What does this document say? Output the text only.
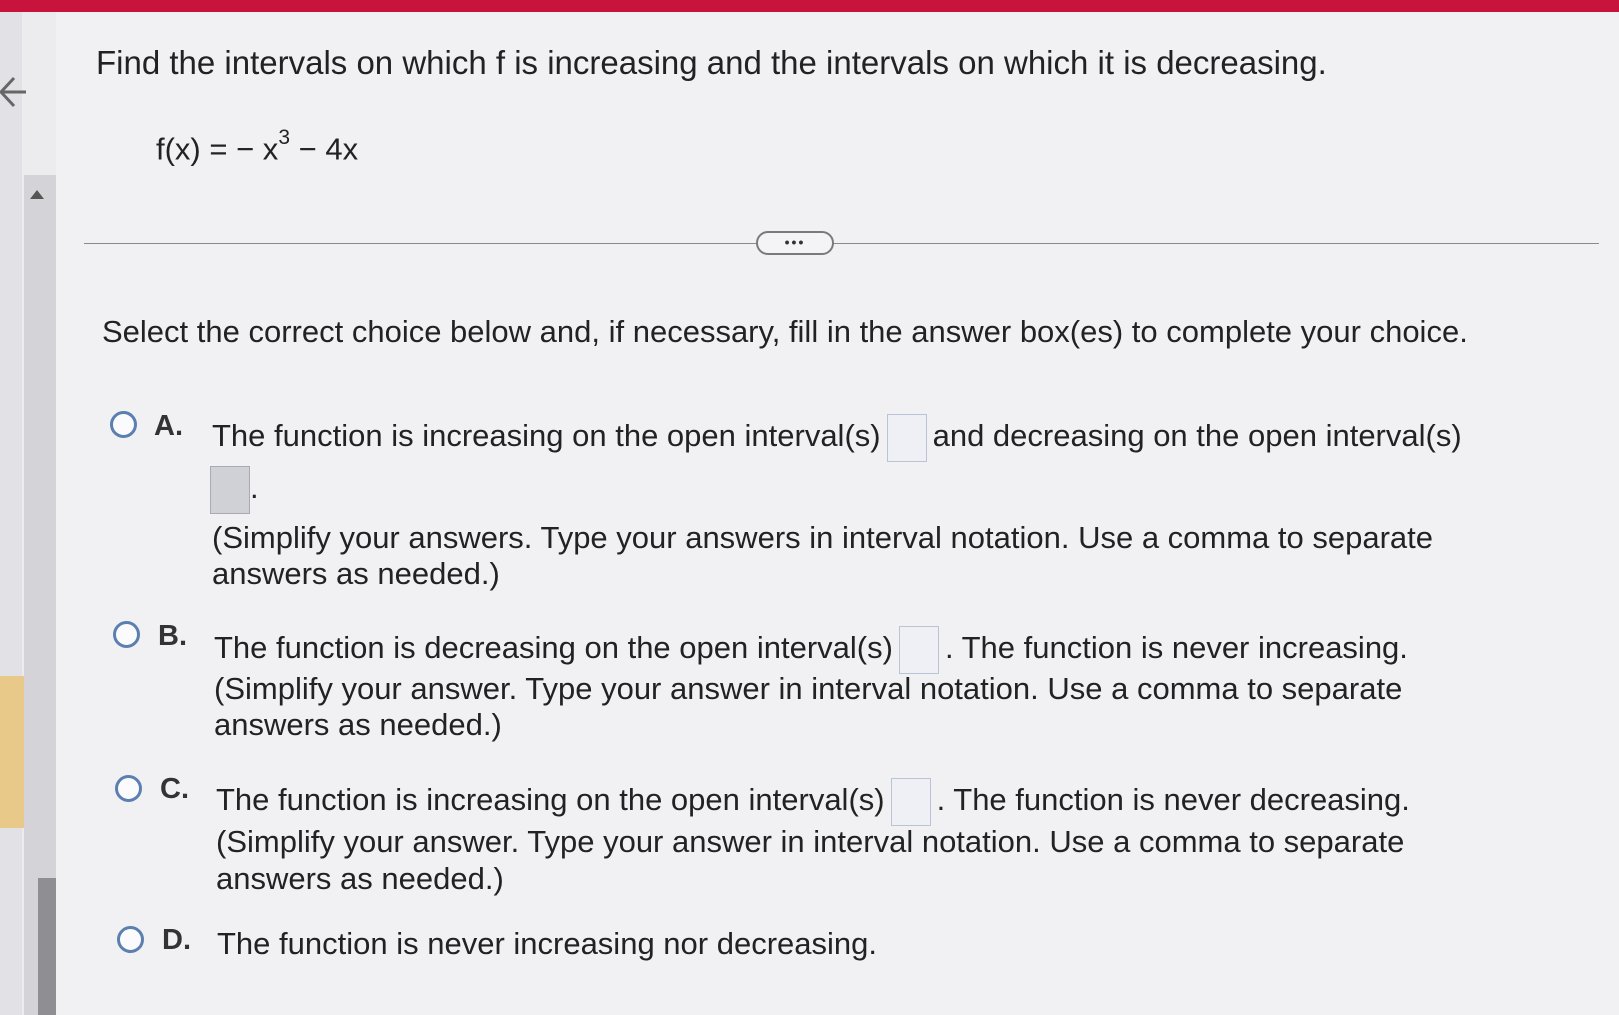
Find the intervals on which f is increasing and the intervals on which it is decreasing.
f(x) = − $x^3 - 4x$
•••
Select the correct choice below and, if necessary, fill in the answer box(es) to complete your choice.
A. The function is increasing on the open interval(s) and decreasing on the open interval(s)
.
(Simplify your answers. Type your answers in interval notation. Use a comma to separate
answers as needed.)
B. The function is decreasing on the open interval(s) . The function is never increasing.
(Simplify your answer. Type your answer in interval notation. Use a comma to separate
answers as needed.)
C. The function is increasing on the open interval(s) . The function is never decreasing.
(Simplify your answer. Type your answer in interval notation. Use a comma to separate
answers as needed.)
D. The function is never increasing nor decreasing.
